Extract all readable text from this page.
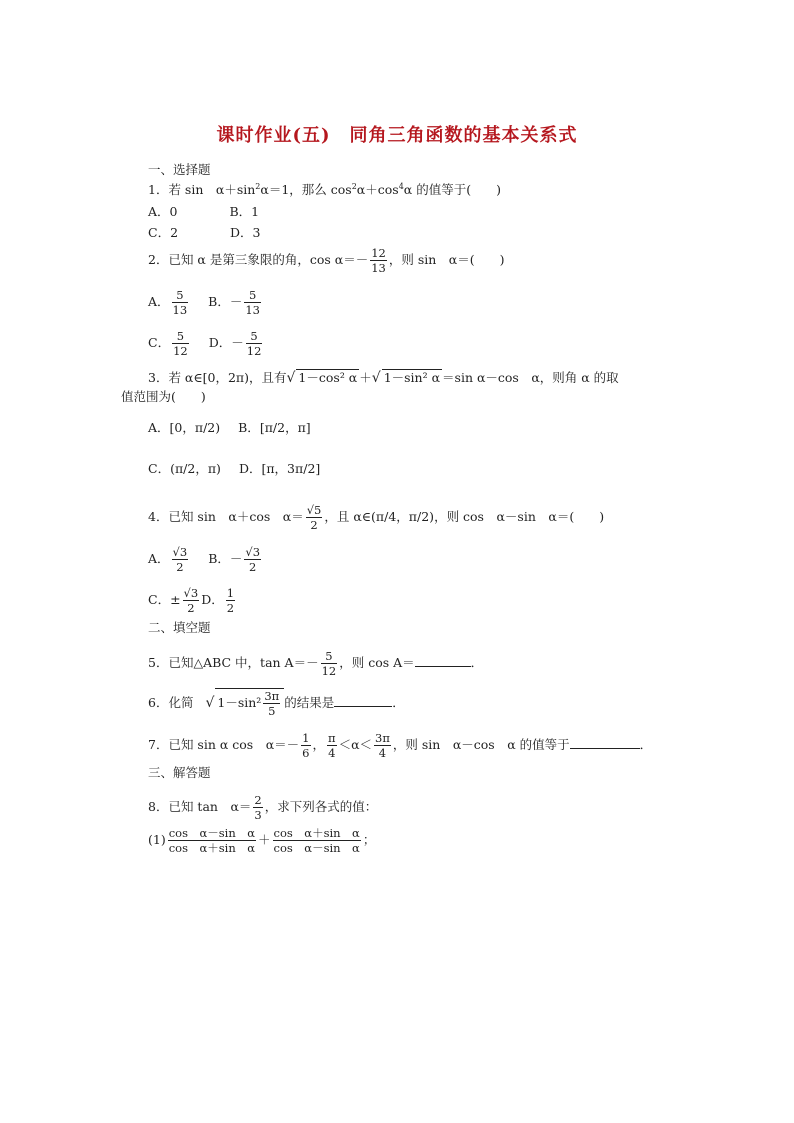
课时作业(五)　同角三角函数的基本关系式
一、选择题
1．若 sin　$\alpha+\sin^2\alpha=1$，那么 $\cos^2\alpha+\cos^4\alpha$ 的值等于(　　)
A．0	B．1
C．2	D．3
2．已知 α 是第三象限的角，$\cos \alpha=- \frac{12}{13}$ ，则 sin　α＝(　　)
A． $\frac{5}{13}$ B．－ $\frac{5}{13}$
C． $\frac{5}{12}$ D．－ $\frac{5}{12}$
3．若 α∈[0，2π)，且有√ 1－cos² α ＋√ 1－sin² α ＝sin α－cos　α，则角 α 的取
值范围为(　　)
A．[0，π/2) B．[π/2，π]
C．(π/2，π) D．[π，3π/2]
4．已知 sin　α＋cos　$\alpha= \frac{√5}{2}$ ，且 α∈(π/4，π/2)，则 cos　α－sin　α＝(　　)
A． $\frac{√3}{2}$ B．－ $\frac{√3}{2}$
C．± $\frac{√3}{2}$ D． $\frac{1}{2}$
二、填空题
5．已知△ABC 中，$\tan A=- \frac{5}{12}$ ，则 cos A＝	．
6．化简 √ $1-\sin^2 \frac{3\pi}{5}$ 的结果是	．
7．已知 sin α cos　$\alpha=- \frac{1}{6}$ ， $\frac{\pi}{4} <\alpha< \frac{3\pi}{4}$ ，则 sin　α－cos　α 的值等于	．
三、解答题
8．已知 tan　$\alpha= \frac{2}{3}$ ，求下列各式的值：
$(1) \frac{\text{cos　α－sin　α}}{\text{cos　α＋sin　α}} + \frac{\text{cos　α＋sin　α}}{\text{cos　α－sin　α}}$ ；
